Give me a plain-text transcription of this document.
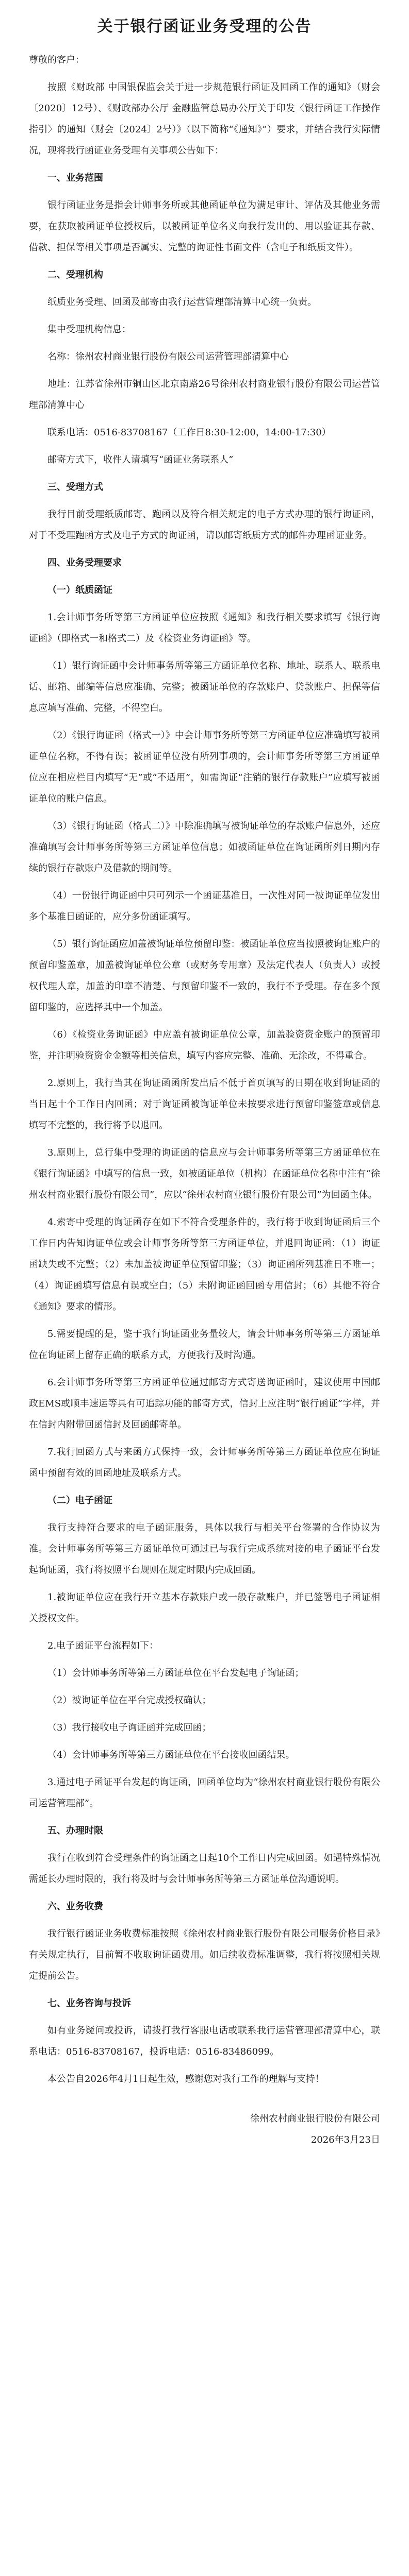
关于银行函证业务受理的公告

尊敬的客户：

按照《财政部 中国银保监会关于进一步规范银行函证及回函工作的通知》（财会〔2020〕12号）、《财政部办公厅 金融监管总局办公厅关于印发〈银行函证工作操作指引〉的通知（财会〔2024〕2号）》（以下简称“《通知》”）要求，并结合我行实际情况，现将我行函证业务受理有关事项公告如下：

一、业务范围

银行函证业务是指会计师事务所或其他函证单位为满足审计、评估及其他业务需要，在获取被函证单位授权后，以被函证单位名义向我行发出的、用以验证其存款、借款、担保等相关事项是否属实、完整的询证性书面文件（含电子和纸质文件）。

二、受理机构

纸质业务受理、回函及邮寄由我行运营管理部清算中心统一负责。

集中受理机构信息：

名称：徐州农村商业银行股份有限公司运营管理部清算中心

地址：江苏省徐州市铜山区北京南路26号徐州农村商业银行股份有限公司运营管理部清算中心

联系电话：0516-83708167（工作日8:30-12:00，14:00-17:30）

邮寄方式下，收件人请填写“函证业务联系人”

三、受理方式

我行目前受理纸质邮寄、跑函以及符合相关规定的电子方式办理的银行询证函，对于不受理跑函方式及电子方式的询证函，请以邮寄纸质方式的邮件办理函证业务。

四、业务受理要求

（一）纸质函证

1.会计师事务所等第三方函证单位应按照《通知》和我行相关要求填写《银行询证函》（即格式一和格式二）及《检资业务询证函》等。

（1）银行询证函中会计师事务所等第三方函证单位名称、地址、联系人、联系电话、邮箱、邮编等信息应准确、完整；被函证单位的存款账户、贷款账户、担保等信息应填写准确、完整，不得空白。

（2）《银行询证函（格式一）》中会计师事务所等第三方函证单位应准确填写被函证单位名称，不得有误；被函证单位没有所列事项的，会计师事务所等第三方函证单位应在相应栏目内填写“无”或“不适用”，如需询证“注销的银行存款账户”应填写被函证单位的账户信息。

（3）《银行询证函（格式二）》中除准确填写被询证单位的存款账户信息外，还应准确填写会计师事务所等第三方函证单位信息；如被函证单位在询证函所列日期内存续的银行存款账户及借款的期间等。

（4）一份银行询证函中只可列示一个函证基准日，一次性对同一被询证单位发出多个基准日函证的，应分多份函证填写。

（5）银行询证函应加盖被询证单位预留印鉴：被函证单位应当按照被询证账户的预留印鉴盖章，加盖被询证单位公章（或财务专用章）及法定代表人（负责人）或授权代理人章，加盖的印章不清楚、与预留印鉴不一致的，我行不予受理。存在多个预留印鉴的，应选择其中一个加盖。

（6）《检资业务询证函》中应盖有被询证单位公章，加盖验资资金账户的预留印鉴，并注明验资资金金额等相关信息，填写内容应完整、准确、无涂改，不得重合。

2.原则上，我行当其在询证函函所发出后不低于首页填写的日期在收到询证函的当日起十个工作日内回函；对于询证函被询证单位未按要求进行预留印鉴签章或信息填写不完整的，我行将予以退回。

3.原则上，总行集中受理的询证函的信息应与会计师事务所等第三方函证单位在《银行询证函》中填写的信息一致，如被函证单位（机构）在函证单位名称中注有“徐州农村商业银行股份有限公司”，应以“徐州农村商业银行股份有限公司”为回函主体。

4.索寄中受理的询证函存在如下不符合受理条件的，我行将于收到询证函后三个工作日内告知询证单位或会计师事务所等第三方函证单位，并退回询证函：（1）询证函缺失或不完整；（2）未加盖被询证单位预留印鉴；（3）询证函所列基准日不唯一；（4）询证函填写信息有误或空白；（5）未附询证函回函专用信封；（6）其他不符合《通知》要求的情形。

5.需要提醒的是，鉴于我行询证函业务量较大，请会计师事务所等第三方函证单位在询证函上留存正确的联系方式，方便我行及时沟通。

6.会计师事务所等第三方函证单位通过邮寄方式寄送询证函时，建议使用中国邮政EMS或顺丰速运等具有可追踪功能的邮寄方式，信封上应注明“银行函证”字样，并在信封内附带回函信封及回函邮寄单。

7.我行回函方式与来函方式保持一致，会计师事务所等第三方函证单位应在询证函中预留有效的回函地址及联系方式。

（二）电子函证

我行支持符合要求的电子函证服务，具体以我行与相关平台签署的合作协议为准。会计师事务所等第三方函证单位可通过已与我行完成系统对接的电子函证平台发起询证函，我行将按照平台规则在规定时限内完成回函。

1.被询证单位应在我行开立基本存款账户或一般存款账户，并已签署电子函证相关授权文件。

2.电子函证平台流程如下：

（1）会计师事务所等第三方函证单位在平台发起电子询证函；

（2）被询证单位在平台完成授权确认；

（3）我行接收电子询证函并完成回函；

（4）会计师事务所等第三方函证单位在平台接收回函结果。

3.通过电子函证平台发起的询证函，回函单位均为“徐州农村商业银行股份有限公司运营管理部”。

五、办理时限

我行在收到符合受理条件的询证函之日起10个工作日内完成回函。如遇特殊情况需延长办理时限的，我行将及时与会计师事务所等第三方函证单位沟通说明。

六、业务收费

我行银行函证业务收费标准按照《徐州农村商业银行股份有限公司服务价格目录》有关规定执行，目前暂不收取询证函费用。如后续收费标准调整，我行将按照相关规定提前公告。

七、业务咨询与投诉

如有业务疑问或投诉，请拨打我行客服电话或联系我行运营管理部清算中心，联系电话：0516-83708167，投诉电话：0516-83486099。

本公告自2026年4月1日起生效，感谢您对我行工作的理解与支持！

徐州农村商业银行股份有限公司

2026年3月23日
